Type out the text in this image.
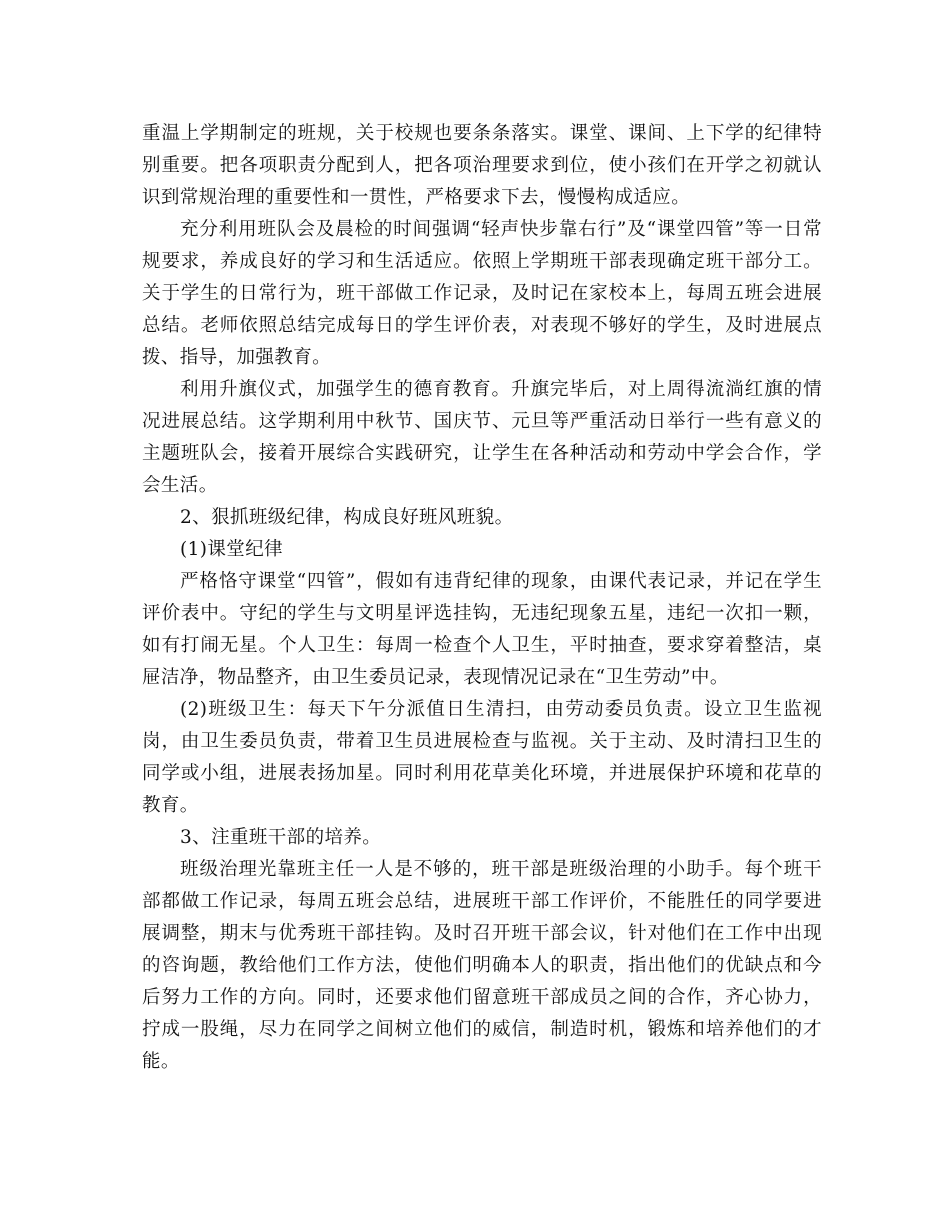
重温上学期制定的班规，关于校规也要条条落实。课堂、课间、上下学的纪律特别重要。把各项职责分配到人，把各项治理要求到位，使小孩们在开学之初就认识到常规治理的重要性和一贯性，严格要求下去，慢慢构成适应。

充分利用班队会及晨检的时间强调“轻声快步靠右行”及“课堂四管”等一日常规要求，养成良好的学习和生活适应。依照上学期班干部表现确定班干部分工。关于学生的日常行为，班干部做工作记录，及时记在家校本上，每周五班会进展总结。老师依照总结完成每日的学生评价表，对表现不够好的学生，及时进展点拨、指导，加强教育。

利用升旗仪式，加强学生的德育教育。升旗完毕后，对上周得流淌红旗的情况进展总结。这学期利用中秋节、国庆节、元旦等严重活动日举行一些有意义的主题班队会，接着开展综合实践研究，让学生在各种活动和劳动中学会合作，学会生活。

2、狠抓班级纪律，构成良好班风班貌。

(1)课堂纪律

严格恪守课堂“四管”，假如有违背纪律的现象，由课代表记录，并记在学生评价表中。守纪的学生与文明星评选挂钩，无违纪现象五星，违纪一次扣一颗，如有打闹无星。个人卫生：每周一检查个人卫生，平时抽查，要求穿着整洁，桌屉洁净，物品整齐，由卫生委员记录，表现情况记录在“卫生劳动”中。

(2)班级卫生：每天下午分派值日生清扫，由劳动委员负责。设立卫生监视岗，由卫生委员负责，带着卫生员进展检查与监视。关于主动、及时清扫卫生的同学或小组，进展表扬加星。同时利用花草美化环境，并进展保护环境和花草的教育。

3、注重班干部的培养。

班级治理光靠班主任一人是不够的，班干部是班级治理的小助手。每个班干部都做工作记录，每周五班会总结，进展班干部工作评价，不能胜任的同学要进展调整，期末与优秀班干部挂钩。及时召开班干部会议，针对他们在工作中出现的咨询题，教给他们工作方法，使他们明确本人的职责，指出他们的优缺点和今后努力工作的方向。同时，还要求他们留意班干部成员之间的合作，齐心协力，拧成一股绳，尽力在同学之间树立他们的威信，制造时机，锻炼和培养他们的才能。
